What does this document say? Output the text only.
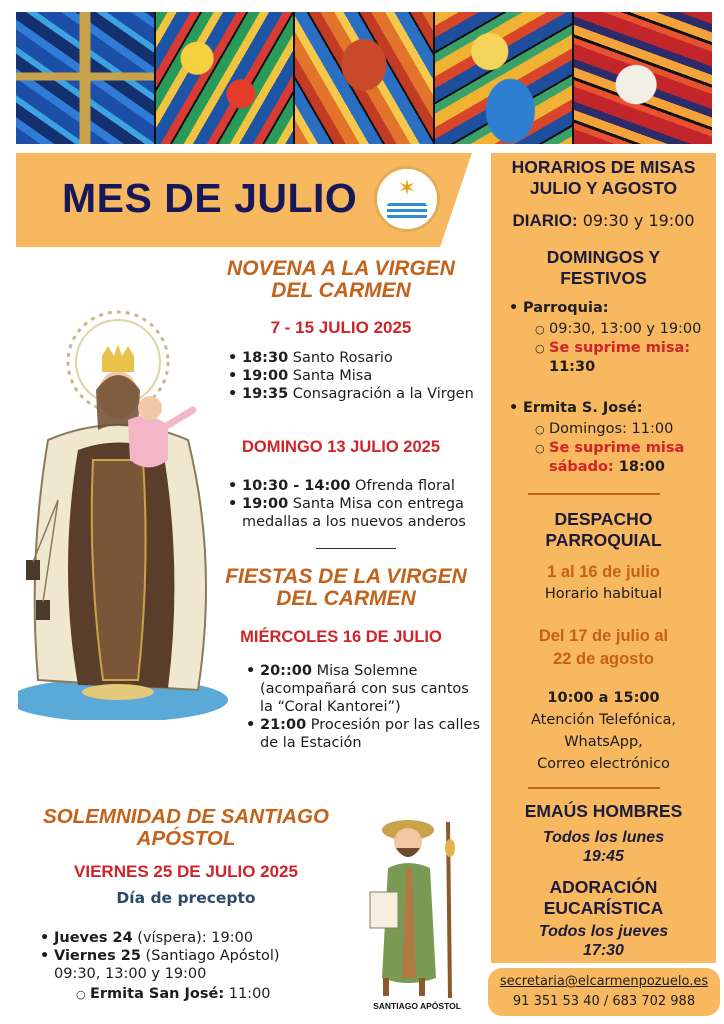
MES DE JULIO ✶
NOVENA A LA VIRGEN
DEL CARMEN
7 - 15 JULIO 2025
• 18:30 Santo Rosario
• 19:00 Santa Misa
• 19:35 Consagración a la Virgen
DOMINGO 13 JULIO 2025
• 10:30 - 14:00 Ofrenda floral
• 19:00 Santa Misa con entrega medallas a los nuevos anderos
FIESTAS DE LA VIRGEN
DEL CARMEN
MIÉRCOLES 16 DE JULIO
• 20::00 Misa Solemne (acompañará con sus cantos la “Coral Kantorei”)
• 21:00 Procesión por las calles de la Estación
SOLEMNIDAD DE SANTIAGO
APÓSTOL
VIERNES 25 DE JULIO 2025
Día de precepto
• Jueves 24 (víspera): 19:00
• Viernes 25 (Santiago Apóstol) 09:30, 13:00 y 19:00
○ Ermita San José: 11:00
SANTIAGO APÓSTOL
HORARIOS DE MISAS
JULIO Y AGOSTO
DIARIO: 09:30 y 19:00
DOMINGOS Y
FESTIVOS
• Parroquia:
○ 09:30, 13:00 y 19:00
○ Se suprime misa:
11:30
• Ermita S. José:
○ Domingos: 11:00
○ Se suprime misa sábado: 18:00
DESPACHO
PARROQUIAL
1 al 16 de julio
Horario habitual
Del 17 de julio al
22 de agosto
10:00 a 15:00
Atención Telefónica,
WhatsApp,
Correo electrónico
EMAÚS HOMBRES
Todos los lunes
19:45
ADORACIÓN
EUCARÍSTICA
Todos los jueves
17:30
secretaria@elcarmenpozuelo.es
91 351 53 40 / 683 702 988
